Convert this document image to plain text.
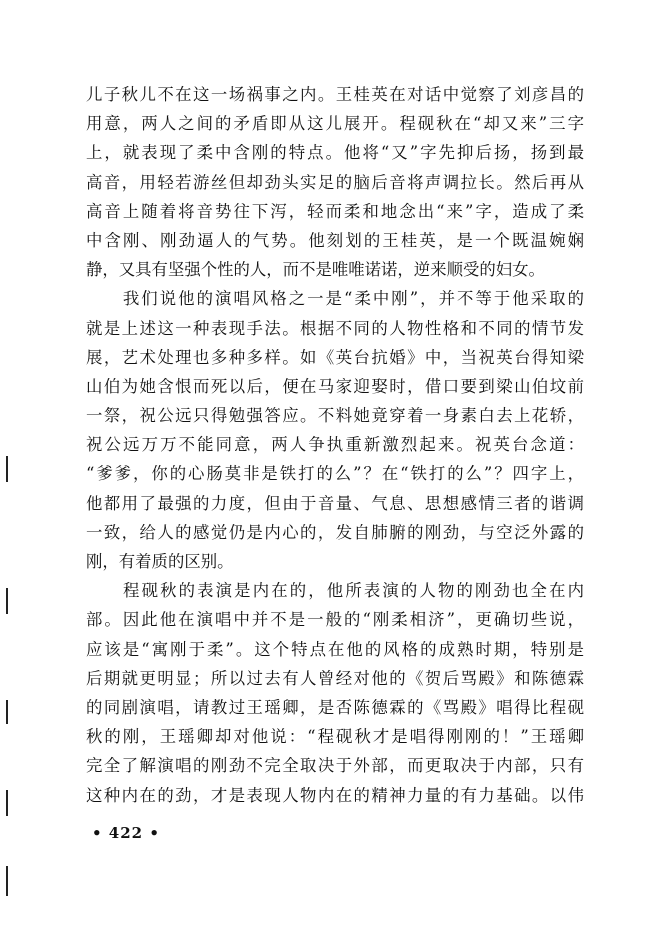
儿子秋儿不在这一场祸事之内。王桂英在对话中觉察了刘彦昌的
用意，两人之间的矛盾即从这儿展开。程砚秋在“却又来”三字
上，就表现了柔中含刚的特点。他将“又”字先抑后扬，扬到最
高音，用轻若游丝但却劲头实足的脑后音将声调拉长。然后再从
高音上随着将音势往下泻，轻而柔和地念出“来”字，造成了柔
中含刚、刚劲逼人的气势。他刻划的王桂英，是一个既温婉娴
静，又具有坚强个性的人，而不是唯唯诺诺，逆来顺受的妇女。
　　我们说他的演唱风格之一是“柔中刚”，并不等于他采取的
就是上述这一种表现手法。根据不同的人物性格和不同的情节发
展，艺术处理也多种多样。如《英台抗婚》中，当祝英台得知梁
山伯为她含恨而死以后，便在马家迎娶时，借口要到梁山伯坟前
一祭，祝公远只得勉强答应。不料她竟穿着一身素白去上花轿，
祝公远万万不能同意，两人争执重新激烈起来。祝英台念道：
“爹爹，你的心肠莫非是铁打的么”？在“铁打的么”？四字上，
他都用了最强的力度，但由于音量、气息、思想感情三者的谐调
一致，给人的感觉仍是内心的，发自肺腑的刚劲，与空泛外露的
刚，有着质的区别。
　　程砚秋的表演是内在的，他所表演的人物的刚劲也全在内
部。因此他在演唱中并不是一般的“刚柔相济”，更确切些说，
应该是“寓刚于柔”。这个特点在他的风格的成熟时期，特别是
后期就更明显；所以过去有人曾经对他的《贺后骂殿》和陈德霖
的同剧演唱，请教过王瑶卿，是否陈德霖的《骂殿》唱得比程砚
秋的刚，王瑶卿却对他说：“程砚秋才是唱得刚刚的！”王瑶卿
完全了解演唱的刚劲不完全取决于外部，而更取决于内部，只有
这种内在的劲，才是表现人物内在的精神力量的有力基础。以伟
• 422 •
